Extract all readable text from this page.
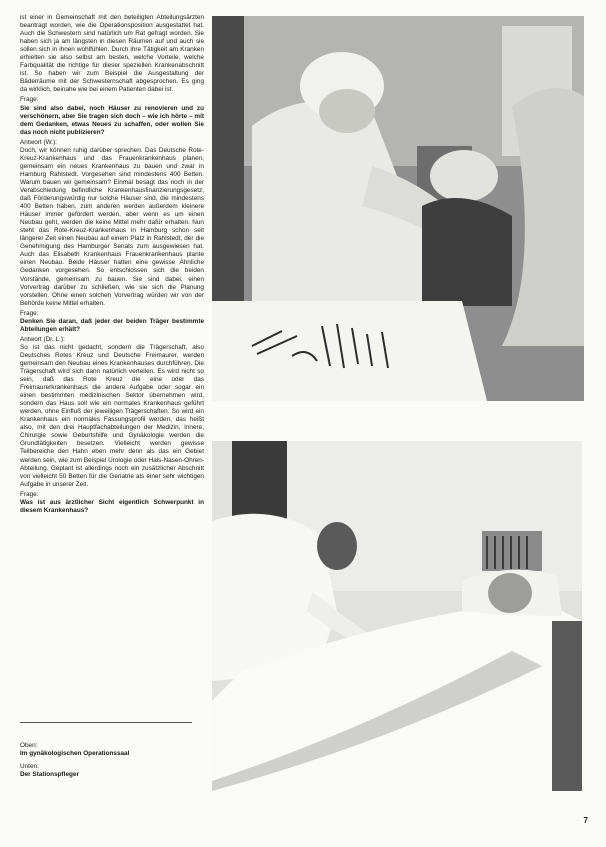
ist einer in Gemeinschaft mit den beteiligten Abteilungsärzten beantragt worden, wie die Operationsposition ausgestattet hat. Auch die Schwestern sind natürlich um Rat gefragt worden. Sie haben sich ja am längsten in diesen Räumen auf und auch sie sollen sich in ihnen wohlfühlen. Durch ihre Tätigkeit am Kranken erhielten sie also selbst am besten, welche Vorteile, welche Farbqualität die richtige für dieser speziellen Krankenabschnitt ist. So haben wir zum Beispiel die Ausgestaltung der Bäderräume mit der Schwesternschaft abgesprochen. Es ging da wirklich, beinahe wie bei einem Patienten dabei ist.

Frage:

Sie sind also dabei, noch Häuser zu renovieren und zu verschönern, aber Sie tragen sich doch – wie ich hörte – mit dem Gedanken, etwas Neues zu schaffen, oder wollen Sie das noch nicht publizieren?

Antwort (W.):

Doch, wir können ruhig darüber sprechen. Das Deutsche Rote-Kreuz-Krankenhaus und das Frauenkrankenhaus planen, gemeinsam ein neues Krankenhaus zu bauen und zwar in Hamburg Rahlstedt. Vorgesehen sind mindestens 400 Betten. Warum bauen wir gemeinsam? Einmal besagt das noch in der Verabschiedung befindliche Krankenhausfinanzierungsgesetz, daß Förderungswürdig nur solche Häuser sind, die mindestens 400 Betten haben, zum anderen werden außerdem kleinere Häuser immer gefördert werden, aber wenn es um einen Neubau geht, werden die keine Mittel mehr dafür erhalten. Nun steht das Rote-Kreuz-Krankenhaus in Hamburg schon seit längerer Zeit einen Neubau auf einem Platz in Rahlstedt, der die Genehmigung des Hamburger Senats zum ausgewiesen hat. Auch das Elisabeth Krankenhaus Frauenkrankenhaus plante einen Neubau. Beide Häuser hatten eine gewisse Ähnliche Gedanken vorgesehen. So entschlossen sich die beiden Vorstände, gemeinsam zu bauen. Sie sind dabei, einen Vorvertrag darüber zu schließen, wie sie sich die Planung vorstellen. Ohne einen solchen Vorvertrag würden wir von der Behörde keine Mittel erhalten.

Frage:

Denken Sie daran, daß jeder der beiden Träger bestimmte Abteilungen erhält?

Antwort (Dr. L.):

So ist das nicht gedacht, sondern die Trägerschaft, also Deutsches Rotes Kreuz und Deutsche Freimaurer, werden gemeinsam den Neubau eines Krankenhauses durchführen. Die Trägerschaft wird sich dann natürlich verteilen. Es wird nicht so sein, daß das Rote Kreuz die eine oder das Freimaurerkrankenhaus die andere Aufgabe oder sogar ein einen bestimmten medizinischen Sektor übernehmen wird, sondern das Haus soll wie ein normales Krankenhaus geführt werden, ohne Einfluß der jeweiligen Trägerschaften. So wird ein Krankenhaus ein normales Fassungsprofil werden, das heißt also, mit den drei Hauptfachabteilungen der Medizin, Innere, Chirurgie sowie Geburtshilfe und Gynäkologie werden die Grundtätigkeiten besetzen. Vielleicht werden gewisse Teilbereiche den Hahn eben mehr denn als das ein Gebiet werden sein, wie zum Beispiel Urologie oder Hals-Nasen-Ohren-Abteilung. Geplant ist allerdings noch ein zusätzlicher Abschnitt von vielleicht 50 Betten für die Geriatrie als einer sehr wichtigen Aufgabe in unserer Zeit.

Frage:

Was ist aus ärztlicher Sicht eigentlich Schwerpunkt in diesem Krankenhaus?

Oben:
Im gynäkologischen Operationssaal
Unten:
Der Stationspfleger
7
